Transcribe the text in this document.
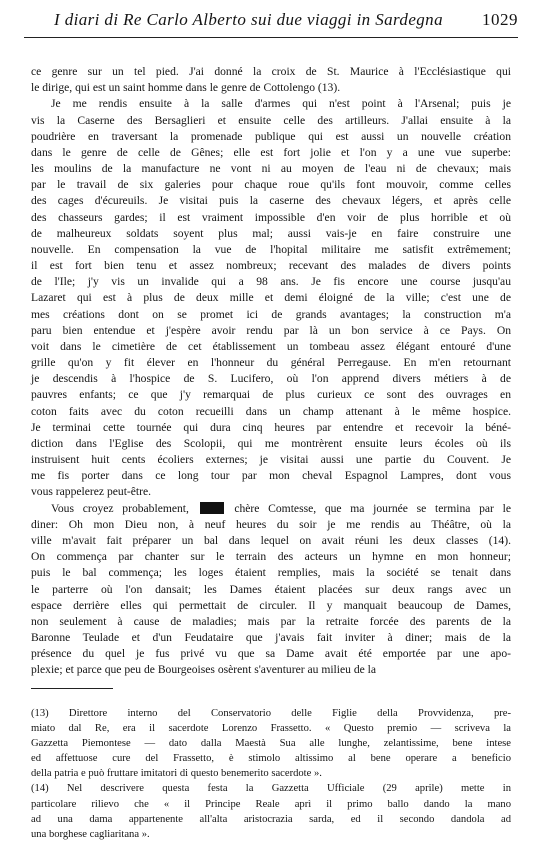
I diari di Re Carlo Alberto sui due viaggi in Sardegna 1029

ce genre sur un tel pied. J'ai donné la croix de St. Maurice à l'Ecclésiastique qui
le dirige, qui est un saint homme dans le genre de Cottolengo (13).

Je me rendis ensuite à la salle d'armes qui n'est point à l'Arsenal; puis je
vis la Caserne des Bersaglieri et ensuite celle des artilleurs. J'allai ensuite à la
poudrière en traversant la promenade publique qui est aussi un nouvelle création
dans le genre de celle de Gênes; elle est fort jolie et l'on y a une vue superbe:
les moulins de la manufacture ne vont ni au moyen de l'eau ni de chevaux; mais
par le travail de six galeries pour chaque roue qu'ils font mouvoir, comme celles
des cages d'écureuils. Je visitai puis la caserne des chevaux légers, et après celle
des chasseurs gardes; il est vraiment impossible d'en voir de plus horrible et où
de malheureux soldats soyent plus mal; aussi vais-je en faire construire une
nouvelle. En compensation la vue de l'hopital militaire me satisfit extrêmement;
il est fort bien tenu et assez nombreux; recevant des malades de divers points
de l'Ile; j'y vis un invalide qui a 98 ans. Je fis encore une course jusqu'au
Lazaret qui est à plus de deux mille et demi éloigné de la ville; c'est une de
mes créations dont on se promet ici de grands avantages; la construction m'a
paru bien entendue et j'espère avoir rendu par là un bon service à ce Pays. On
voit dans le cimetière de cet établissement un tombeau assez élégant entouré d'une
grille qu'on y fit élever en l'honneur du général Perregause. En m'en retournant
je descendis à l'hospice de S. Lucifero, où l'on apprend divers métiers à de
pauvres enfants; ce que j'y remarquai de plus curieux ce sont des ouvrages en
coton faits avec du coton recueilli dans un champ attenant à le même hospice.
Je terminai cette tournée qui dura cinq heures par entendre et recevoir la béné-
diction dans l'Eglise des Scolopii, qui me montrèrent ensuite leurs écoles où ils
instruisent huit cents écoliers externes; je visitai aussi une partie du Couvent. Je
me fis porter dans ce long tour par mon cheval Espagnol Lampres, dont vous
vous rappelerez peut-être.

Vous croyez probablement,  chère Comtesse, que ma journée se termina par le
diner: Oh mon Dieu non, à neuf heures du soir je me rendis au Théâtre, où la
ville m'avait fait préparer un bal dans lequel on avait réuni les deux classes (14).
On commença par chanter sur le terrain des acteurs un hymne en mon honneur;
puis le bal commença; les loges étaient remplies, mais la société se tenait dans
le parterre où l'on dansait; les Dames étaient placées sur deux rangs avec un
espace derrière elles qui permettait de circuler. Il y manquait beaucoup de Dames,
non seulement à cause de maladies; mais par la retraite forcée des parents de la
Baronne Teulade et d'un Feudataire que j'avais fait inviter à diner; mais de la
présence du quel je fus privé vu que sa Dame avait été emportée par une apo-
plexie; et parce que peu de Bourgeoises osèrent s'aventurer au milieu de la

(13) Direttore interno del Conservatorio delle Figlie della Provvidenza, pre-
miato dal Re, era il sacerdote Lorenzo Frassetto. « Questo premio — scriveva la
Gazzetta Piemontese — dato dalla Maestà Sua alle lunghe, zelantissime, bene intese
ed affettuose cure del Frassetto, è stimolo altissimo al bene operare a beneficio
della patria e può fruttare imitatori di questo benemerito sacerdote ».

(14) Nel descrivere questa festa la Gazzetta Ufficiale (29 aprile) mette in
particolare rilievo che « il Principe Reale aprì il primo ballo dando la mano
ad una dama appartenente all'alta aristocrazia sarda, ed il secondo dandola ad
una borghese cagliaritana ».
